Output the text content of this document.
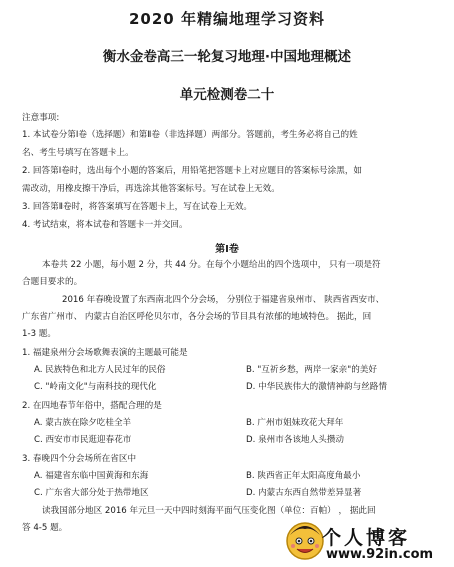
2020 年精编地理学习资料
衡水金卷高三一轮复习地理·中国地理概述
单元检测卷二十
注意事项:
1. 本试卷分第Ⅰ卷（选择题）和第Ⅱ卷（非选择题）两部分。答题前，考生务必将自己的姓
名、考生号填写在答题卡上。
2. 回答第Ⅰ卷时，选出每个小题的答案后，用铅笔把答题卡上对应题目的答案标号涂黑，如
需改动，用橡皮擦干净后，再选涂其他答案标号。写在试卷上无效。
3. 回答第Ⅱ卷时，将答案填写在答题卡上，写在试卷上无效。
4. 考试结束，将本试卷和答题卡一并交回。
第Ⅰ卷
本卷共 22 小题，每小题 2 分，共 44 分。在每个小题给出的四个选项中， 只有一项是符
合题目要求的。
2016 年春晚设置了东西南北四个分会场， 分别位于福建省泉州市、 陕西省西安市、
广东省广州市、 内蒙古自治区呼伦贝尔市，各分会场的节目具有浓郁的地域特色。 据此，回
1-3 题。
1. 福建泉州分会场歌舞表演的主题最可能是
A. 民族特色和北方人民过年的民俗	B. "互祈乡愁，两岸一家亲"的美好
C. "岭南文化"与南科技的现代化	D. 中华民族伟大的激情神韵与丝路情
2. 在四地春节年俗中，搭配合理的是
A. 蒙古族在除夕吃桂全羊	B. 广州市姐妹玫花大拜年
C. 西安市市民逛迎春花市	D. 泉州市各该地人头攒动
3. 春晚四个分会场所在省区中
A. 福建省东临中国黄海和东海	B. 陕西省正年太阳高度角最小
C. 广东省大部分处于热带地区	D. 内蒙古东西自然带差异显著
读我国部分地区 2016 年元旦一天中四时刻海平面气压变化图（单位：百帕） ， 据此回
答 4-5 题。	个人博客
www.92in.com
